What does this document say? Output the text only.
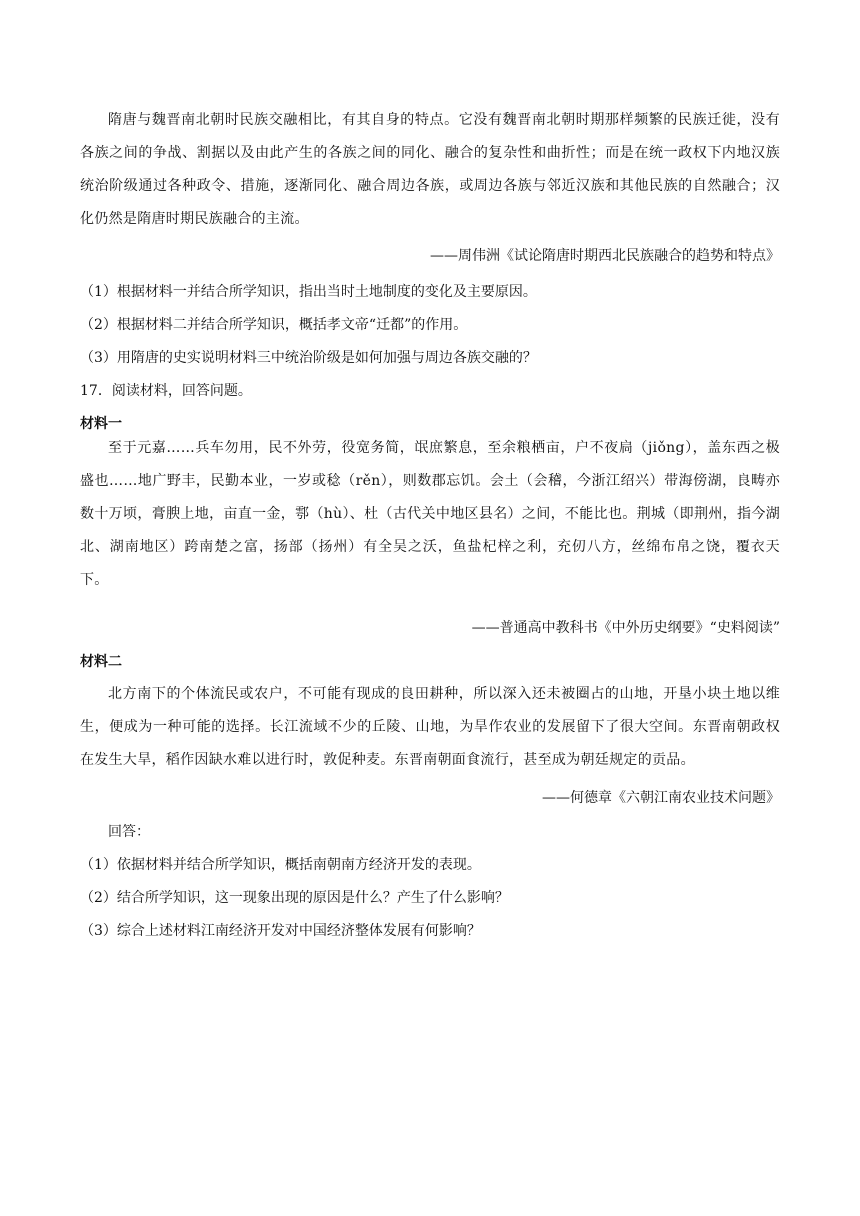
隋唐与魏晋南北朝时民族交融相比，有其自身的特点。它没有魏晋南北朝时期那样频繁的民族迁徙，没有各族之间的争战、割据以及由此产生的各族之间的同化、融合的复杂性和曲折性；而是在统一政权下内地汉族统治阶级通过各种政令、措施，逐渐同化、融合周边各族，或周边各族与邻近汉族和其他民族的自然融合；汉化仍然是隋唐时期民族融合的主流。

——周伟洲《试论隋唐时期西北民族融合的趋势和特点》
（1）根据材料一并结合所学知识，指出当时土地制度的变化及主要原因。
（2）根据材料二并结合所学知识，概括孝文帝“迁都”的作用。
（3）用隋唐的史实说明材料三中统治阶级是如何加强与周边各族交融的？
17．阅读材料，回答问题。
材料一

至于元嘉……兵车勿用，民不外劳，役宽务简，氓庶繁息，至余粮栖亩，户不夜扃（jiǒng），盖东西之极盛也……地广野丰，民勤本业，一岁或稔（rěn），则数郡忘饥。会土（会稽，今浙江绍兴）带海傍湖，良畴亦数十万顷，膏腴上地，亩直一金，鄠（hù）、杜（古代关中地区县名）之间，不能比也。荆城（即荆州，指今湖北、湖南地区）跨南楚之富，扬部（扬州）有全吴之沃，鱼盐杞梓之利，充仞八方，丝绵布帛之饶，覆衣天下。

——普通高中教科书《中外历史纲要》“史料阅读”
材料二

北方南下的个体流民或农户，不可能有现成的良田耕种，所以深入还未被圈占的山地，开垦小块土地以维生，便成为一种可能的选择。长江流域不少的丘陵、山地，为旱作农业的发展留下了很大空间。东晋南朝政权在发生大旱，稻作因缺水难以进行时，敦促种麦。东晋南朝面食流行，甚至成为朝廷规定的贡品。

——何德章《六朝江南农业技术问题》
回答：
（1）依据材料并结合所学知识，概括南朝南方经济开发的表现。
（2）结合所学知识，这一现象出现的原因是什么？产生了什么影响？
（3）综合上述材料江南经济开发对中国经济整体发展有何影响？
